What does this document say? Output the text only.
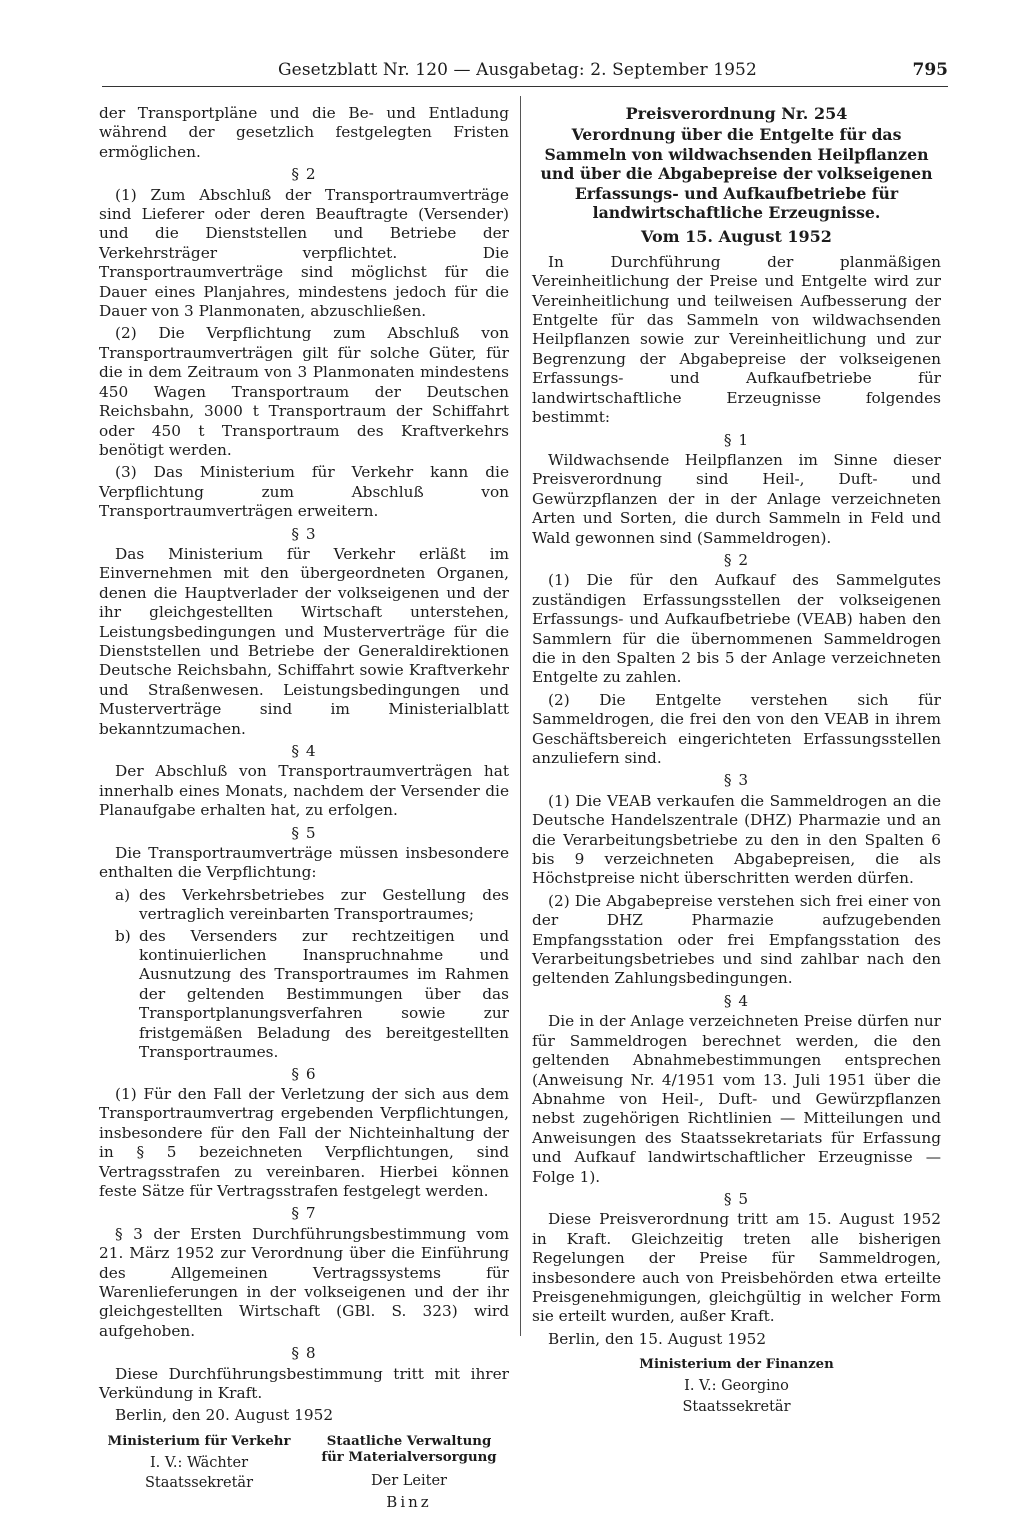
Gesetzblatt Nr. 120 — Ausgabetag: 2. September 1952	795

der Transportpläne und die Be- und Entladung während der gesetzlich festgelegten Fristen ermöglichen.

§ 2

(1) Zum Abschluß der Transportraumverträge sind Lieferer oder deren Beauftragte (Versender) und die Dienststellen und Betriebe der Verkehrsträger verpflichtet. Die Transportraumverträge sind möglichst für die Dauer eines Planjahres, mindestens jedoch für die Dauer von 3 Planmonaten, abzuschließen.

(2) Die Verpflichtung zum Abschluß von Transportraumverträgen gilt für solche Güter, für die in dem Zeitraum von 3 Planmonaten mindestens 450 Wagen Transportraum der Deutschen Reichsbahn, 3000 t Transportraum der Schiffahrt oder 450 t Transportraum des Kraftverkehrs benötigt werden.

(3) Das Ministerium für Verkehr kann die Verpflichtung zum Abschluß von Transportraumverträgen erweitern.

§ 3

Das Ministerium für Verkehr erläßt im Einvernehmen mit den übergeordneten Organen, denen die Hauptverlader der volkseigenen und der ihr gleichgestellten Wirtschaft unterstehen, Leistungsbedingungen und Musterverträge für die Dienststellen und Betriebe der Generaldirektionen Deutsche Reichsbahn, Schiffahrt sowie Kraftverkehr und Straßenwesen. Leistungsbedingungen und Musterverträge sind im Ministerialblatt bekanntzumachen.

§ 4

Der Abschluß von Transportraumverträgen hat innerhalb eines Monats, nachdem der Versender die Planaufgabe erhalten hat, zu erfolgen.

§ 5

Die Transportraumverträge müssen insbesondere enthalten die Verpflichtung:

a) des Verkehrsbetriebes zur Gestellung des vertraglich vereinbarten Transportraumes;
b) des Versenders zur rechtzeitigen und kontinuierlichen Inanspruchnahme und Ausnutzung des Transportraumes im Rahmen der geltenden Bestimmungen über das Transportplanungsverfahren sowie zur fristgemäßen Beladung des bereitgestellten Transportraumes.
§ 6

(1) Für den Fall der Verletzung der sich aus dem Transportraumvertrag ergebenden Verpflichtungen, insbesondere für den Fall der Nichteinhaltung der in § 5 bezeichneten Verpflichtungen, sind Vertragsstrafen zu vereinbaren. Hierbei können feste Sätze für Vertragsstrafen festgelegt werden.

§ 7

§ 3 der Ersten Durchführungsbestimmung vom 21. März 1952 zur Verordnung über die Einführung des Allgemeinen Vertragssystems für Warenlieferungen in der volkseigenen und der ihr gleichgestellten Wirtschaft (GBl. S. 323) wird aufgehoben.

§ 8

Diese Durchführungsbestimmung tritt mit ihrer Verkündung in Kraft.

Berlin, den 20. August 1952

Ministerium für Verkehr
I. V.: Wächter
Staatssekretär
Staatliche Verwaltung
für Materialversorgung
Der Leiter
Binz
Preisverordnung Nr. 254
Verordnung über die Entgelte für das Sammeln von wildwachsenden Heilpflanzen und über die Abgabepreise der volkseigenen Erfassungs- und Aufkaufbetriebe für landwirtschaftliche Erzeugnisse.
Vom 15. August 1952

In Durchführung der planmäßigen Vereinheitlichung der Preise und Entgelte wird zur Vereinheitlichung und teilweisen Aufbesserung der Entgelte für das Sammeln von wildwachsenden Heilpflanzen sowie zur Vereinheitlichung und zur Begrenzung der Abgabepreise der volkseigenen Erfassungs- und Aufkaufbetriebe für landwirtschaftliche Erzeugnisse folgendes bestimmt:

§ 1

Wildwachsende Heilpflanzen im Sinne dieser Preisverordnung sind Heil-, Duft- und Gewürzpflanzen der in der Anlage verzeichneten Arten und Sorten, die durch Sammeln in Feld und Wald gewonnen sind (Sammeldrogen).

§ 2

(1) Die für den Aufkauf des Sammelgutes zuständigen Erfassungsstellen der volkseigenen Erfassungs- und Aufkaufbetriebe (VEAB) haben den Sammlern für die übernommenen Sammeldrogen die in den Spalten 2 bis 5 der Anlage verzeichneten Entgelte zu zahlen.

(2) Die Entgelte verstehen sich für Sammeldrogen, die frei den von den VEAB in ihrem Geschäftsbereich eingerichteten Erfassungsstellen anzuliefern sind.

§ 3

(1) Die VEAB verkaufen die Sammeldrogen an die Deutsche Handelszentrale (DHZ) Pharmazie und an die Verarbeitungsbetriebe zu den in den Spalten 6 bis 9 verzeichneten Abgabepreisen, die als Höchstpreise nicht überschritten werden dürfen.

(2) Die Abgabepreise verstehen sich frei einer von der DHZ Pharmazie aufzugebenden Empfangsstation oder frei Empfangsstation des Verarbeitungsbetriebes und sind zahlbar nach den geltenden Zahlungsbedingungen.

§ 4

Die in der Anlage verzeichneten Preise dürfen nur für Sammeldrogen berechnet werden, die den geltenden Abnahmebestimmungen entsprechen (Anweisung Nr. 4/1951 vom 13. Juli 1951 über die Abnahme von Heil-, Duft- und Gewürzpflanzen nebst zugehörigen Richtlinien — Mitteilungen und Anweisungen des Staatssekretariats für Erfassung und Aufkauf landwirtschaftlicher Erzeugnisse — Folge 1).

§ 5

Diese Preisverordnung tritt am 15. August 1952 in Kraft. Gleichzeitig treten alle bisherigen Regelungen der Preise für Sammeldrogen, insbesondere auch von Preisbehörden etwa erteilte Preisgenehmigungen, gleichgültig in welcher Form sie erteilt wurden, außer Kraft.

Berlin, den 15. August 1952

Ministerium der Finanzen
I. V.: Georgino
Staatssekretär
